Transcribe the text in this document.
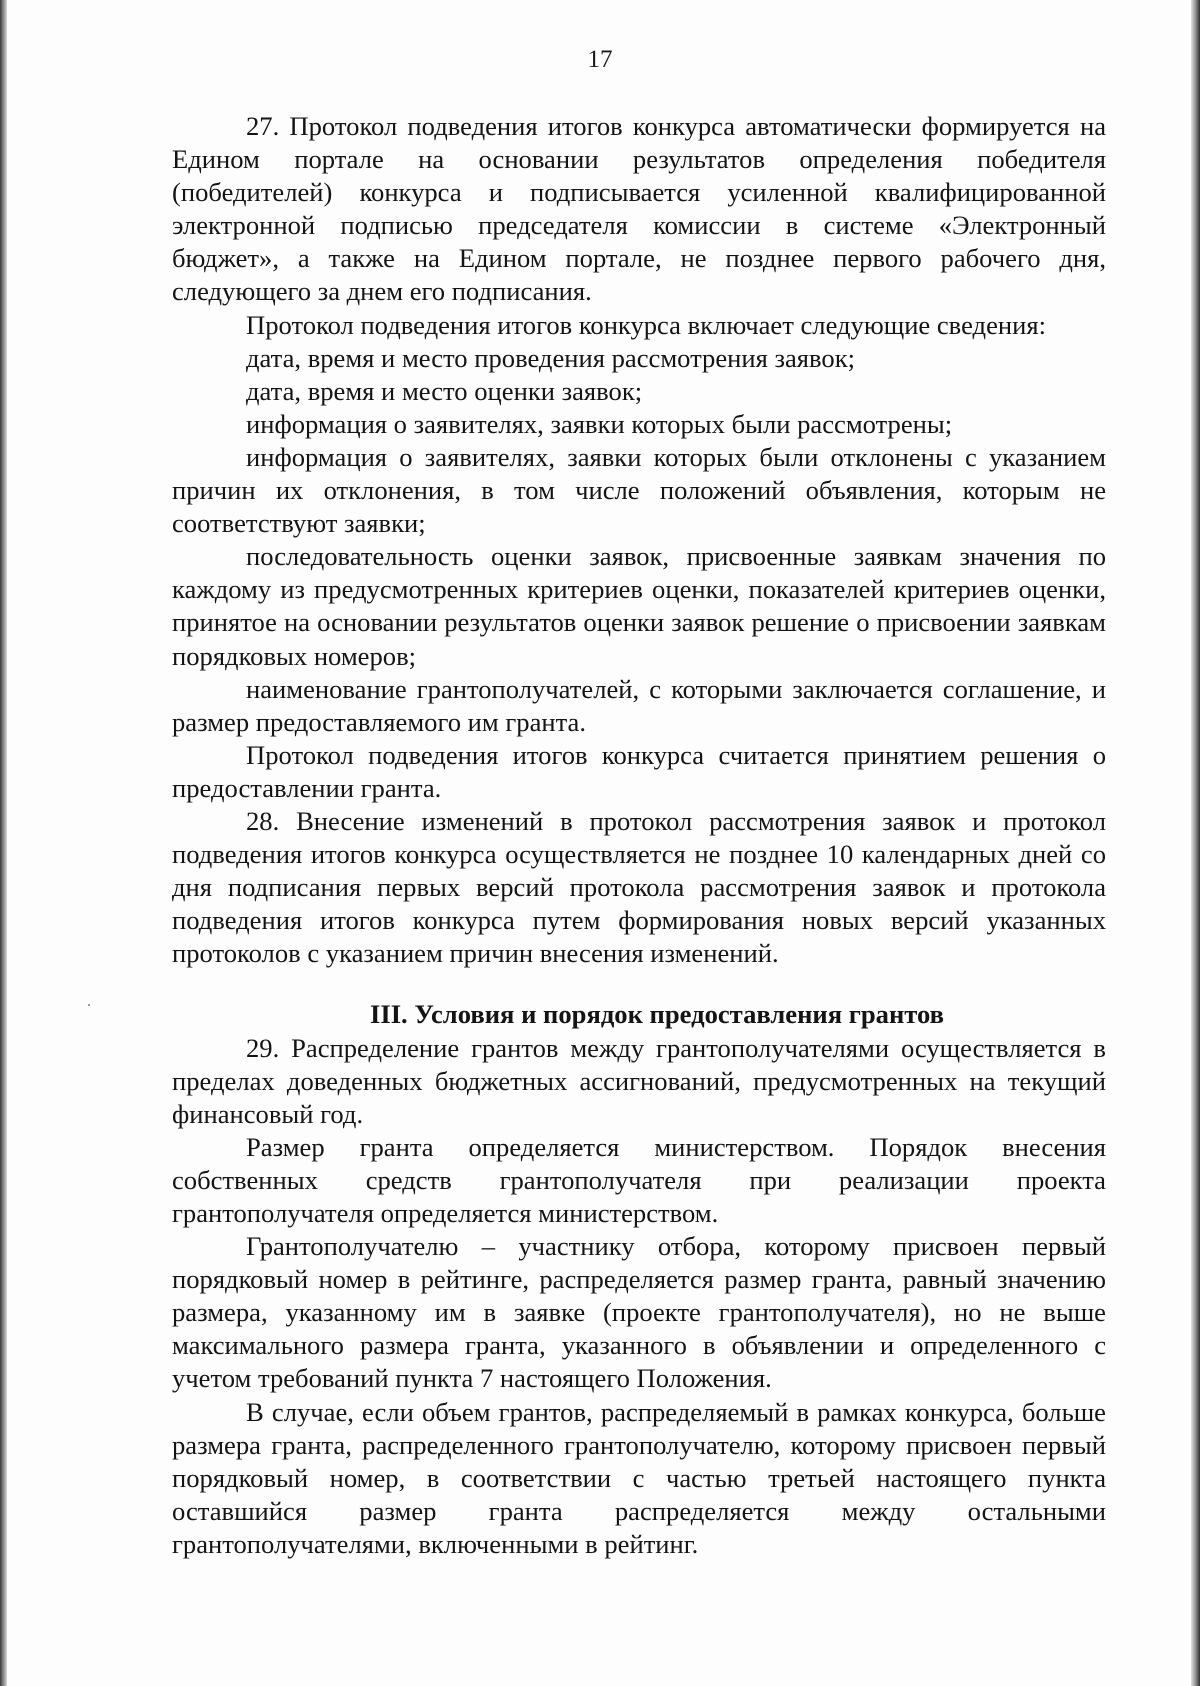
17

27. Протокол подведения итогов конкурса автоматически формируется на Едином портале на основании результатов определения победителя (победителей) конкурса и подписывается усиленной квалифицированной электронной подписью председателя комиссии в системе «Электронный бюджет», а также на Едином портале, не позднее первого рабочего дня, следующего за днем его подписания.

Протокол подведения итогов конкурса включает следующие сведения:

дата, время и место проведения рассмотрения заявок;

дата, время и место оценки заявок;

информация о заявителях, заявки которых были рассмотрены;

информация о заявителях, заявки которых были отклонены с указанием причин их отклонения, в том числе положений объявления, которым не соответствуют заявки;

последовательность оценки заявок, присвоенные заявкам значения по каждому из предусмотренных критериев оценки, показателей критериев оценки, принятое на основании результатов оценки заявок решение о присвоении заявкам порядковых номеров;

наименование грантополучателей, с которыми заключается соглашение, и размер предоставляемого им гранта.

Протокол подведения итогов конкурса считается принятием решения о предоставлении гранта.

28. Внесение изменений в протокол рассмотрения заявок и протокол подведения итогов конкурса осуществляется не позднее 10 календарных дней со дня подписания первых версий протокола рассмотрения заявок и протокола подведения итогов конкурса путем формирования новых версий указанных протоколов с указанием причин внесения изменений.

III. Условия и порядок предоставления грантов

29. Распределение грантов между грантополучателями осуществляется в пределах доведенных бюджетных ассигнований, предусмотренных на текущий финансовый год.

Размер гранта определяется министерством. Порядок внесения собственных средств грантополучателя при реализации проекта грантополучателя определяется министерством.

Грантополучателю – участнику отбора, которому присвоен первый порядковый номер в рейтинге, распределяется размер гранта, равный значению размера, указанному им в заявке (проекте грантополучателя), но не выше максимального размера гранта, указанного в объявлении и определенного с учетом требований пункта 7 настоящего Положения.

В случае, если объем грантов, распределяемый в рамках конкурса, больше размера гранта, распределенного грантополучателю, которому присвоен первый порядковый номер, в соответствии с частью третьей настоящего пункта оставшийся размер гранта распределяется между остальными грантополучателями, включенными в рейтинг.
